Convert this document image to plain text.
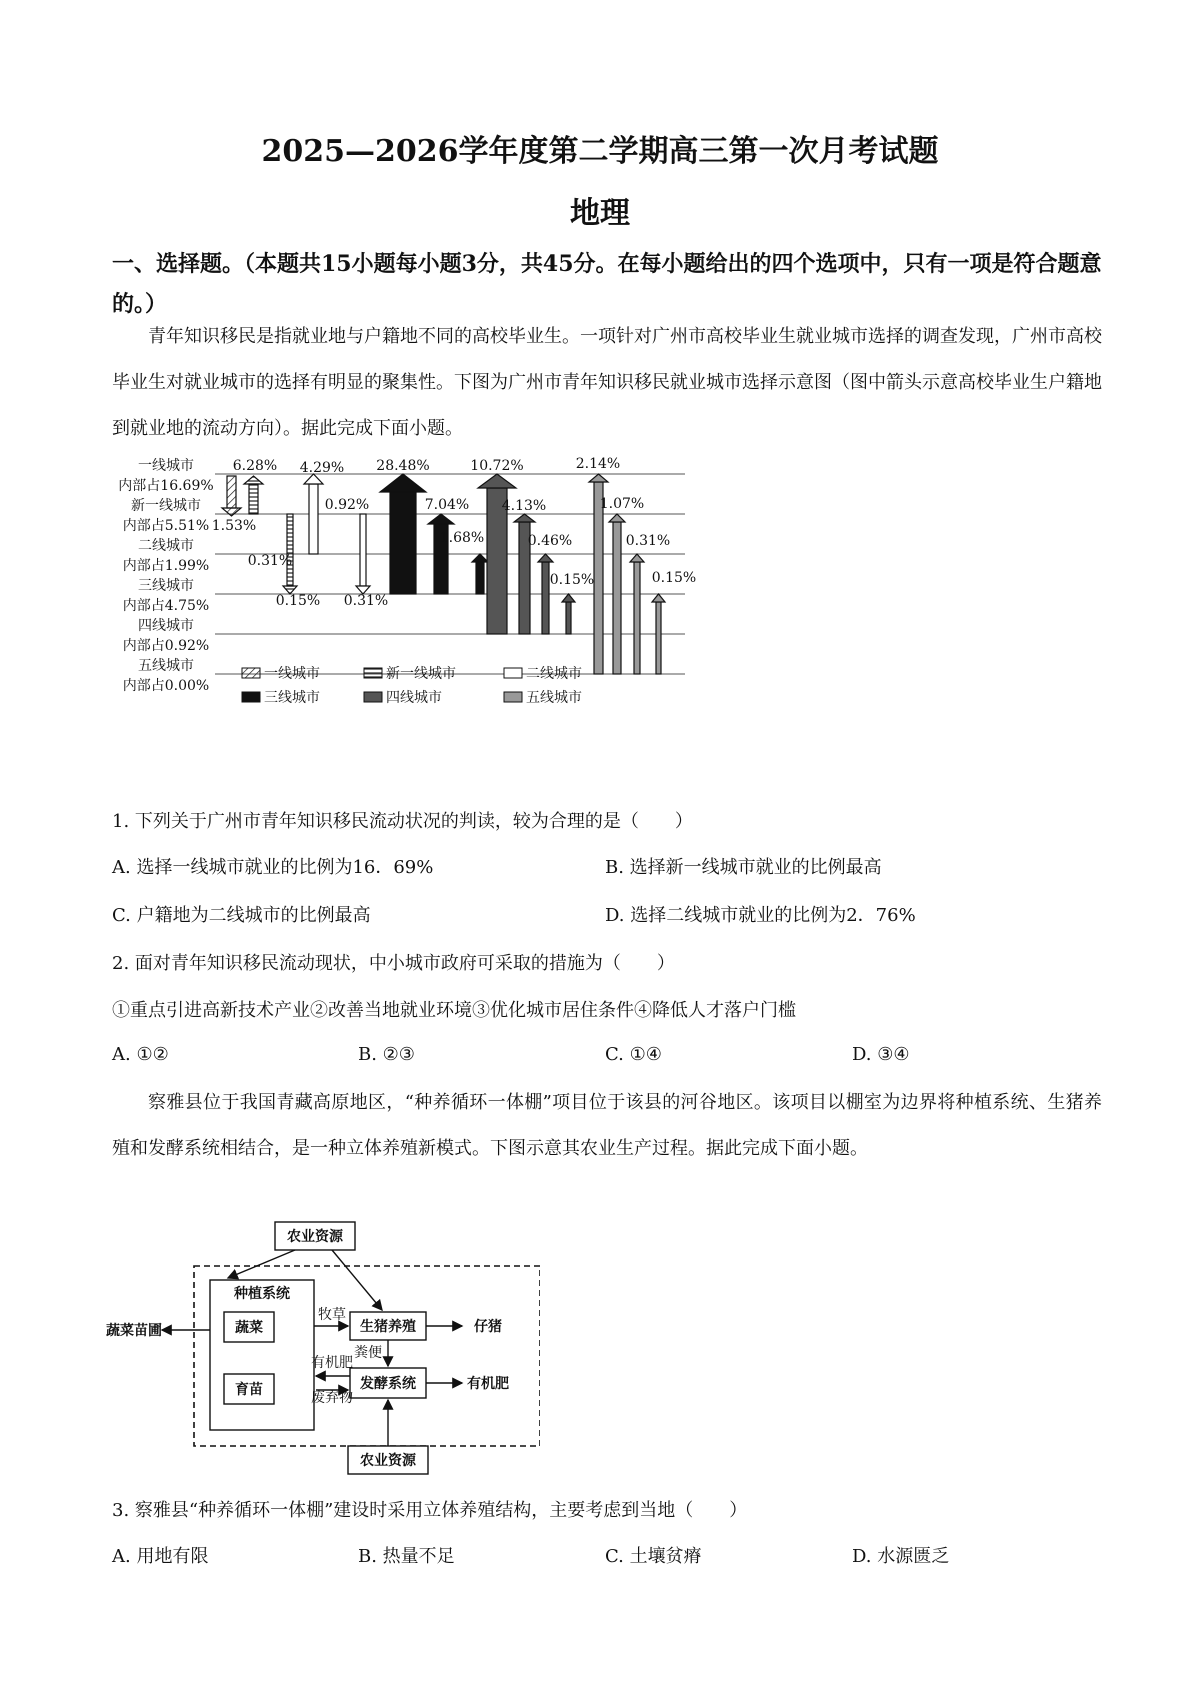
2025—2026学年度第二学期高三第一次月考试题
地理
一、选择题。（本题共15小题每小题3分，共45分。在每小题给出的四个选项中，只有一项是符合题意的。）
青年知识移民是指就业地与户籍地不同的高校毕业生。一项针对广州市高校毕业生就业城市选择的调查发现，广州市高校毕业生对就业城市的选择有明显的聚集性。下图为广州市青年知识移民就业城市选择示意图（图中箭头示意高校毕业生户籍地到就业地的流动方向）。据此完成下面小题。
一线城市
内部占16.69%
新一线城市
内部占5.51%
二线城市
内部占1.99%
三线城市
内部占4.75%
四线城市
内部占0.92%
五线城市
内部占0.00%
6.28% 4.29% 28.48%	10.72%	2.14%
0.92%	7.04% 4.13%	1.07%
1.53%
1.68%	0.46%
0.31%
0.31%
0.15%
0.15%	0.15%
0.31%
一线城市	新一线城市	二线城市
三线城市	四线城市	五线城市
1. 下列关于广州市青年知识移民流动状况的判读，较为合理的是（　　）
A. 选择一线城市就业的比例为16．69%	B. 选择新一线城市就业的比例最高
C. 户籍地为二线城市的比例最高	D. 选择二线城市就业的比例为2．76%
2. 面对青年知识移民流动现状，中小城市政府可采取的措施为（　　）
①重点引进高新技术产业②改善当地就业环境③优化城市居住条件④降低人才落户门槛
A. ①②	B. ②③	C. ①④	D. ③④
察雅县位于我国青藏高原地区，“种养循环一体棚”项目位于该县的河谷地区。该项目以棚室为边界将种植系统、生猪养殖和发酵系统相结合，是一种立体养殖新模式。下图示意其农业生产过程。据此完成下面小题。
农业资源
种植系统
蔬菜
育苗
生猪养殖
发酵系统
农业资源
蔬菜苗圃	仔猪
有机肥
牧草
有机肥
废弃物
粪便
3. 察雅县“种养循环一体棚”建设时采用立体养殖结构，主要考虑到当地（　　）
A. 用地有限	B. 热量不足	C. 土壤贫瘠	D. 水源匮乏
